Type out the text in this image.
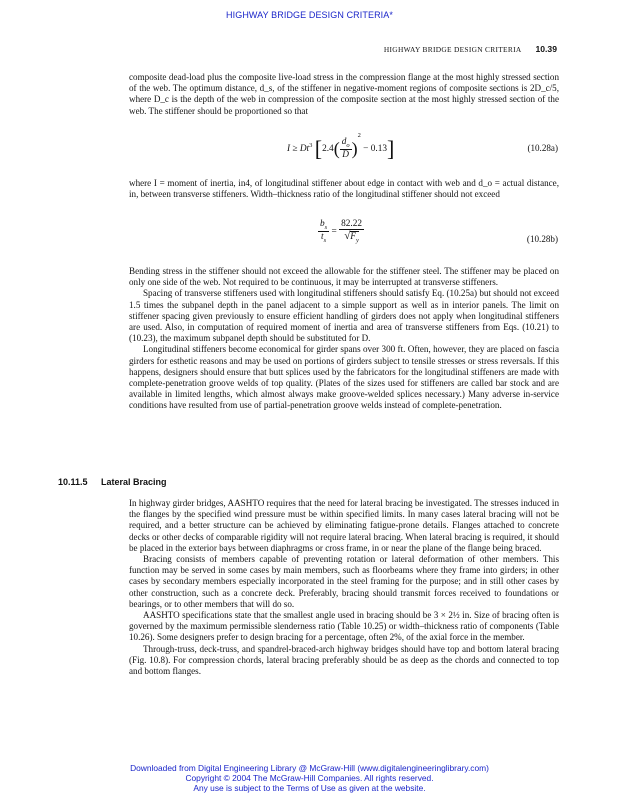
HIGHWAY BRIDGE DESIGN CRITERIA*
HIGHWAY BRIDGE DESIGN CRITERIA 10.39

composite dead-load plus the composite live-load stress in the compression flange at the most highly stressed section of the web. The optimum distance, d_s, of the stiffener in negative-moment regions of composite sections is 2D_c/5, where D_c is the depth of the web in compression of the composite section at the most highly stressed section of the web. The stiffener should be proportioned so that

$I \ge Dt^3$ $[2.4( \frac{d_o}{D} )^2 - 0.13]$	(10.28a)

where I = moment of inertia, in4, of longitudinal stiffener about edge in contact with web and d_o = actual distance, in, between transverse stiffeners. Width–thickness ratio of the longitudinal stiffener should not exceed

$\frac{b_s}{t_s} = \frac{82.22}{√F_y}$	(10.28b)

Bending stress in the stiffener should not exceed the allowable for the stiffener steel. The stiffener may be placed on only one side of the web. Not required to be continuous, it may be interrupted at transverse stiffeners.

Spacing of transverse stiffeners used with longitudinal stiffeners should satisfy Eq. (10.25a) but should not exceed 1.5 times the subpanel depth in the panel adjacent to a simple support as well as in interior panels. The limit on stiffener spacing given previously to ensure efficient handling of girders does not apply when longitudinal stiffeners are used. Also, in computation of required moment of inertia and area of transverse stiffeners from Eqs. (10.21) to (10.23), the maximum subpanel depth should be substituted for D.

Longitudinal stiffeners become economical for girder spans over 300 ft. Often, however, they are placed on fascia girders for esthetic reasons and may be used on portions of girders subject to tensile stresses or stress reversals. If this happens, designers should ensure that butt splices used by the fabricators for the longitudinal stiffeners are made with complete-penetration groove welds of top quality. (Plates of the sizes used for stiffeners are called bar stock and are available in limited lengths, which almost always make groove-welded splices necessary.) Many adverse in-service conditions have resulted from use of partial-penetration groove welds instead of complete-penetration.

10.11.5 Lateral Bracing

In highway girder bridges, AASHTO requires that the need for lateral bracing be investigated. The stresses induced in the flanges by the specified wind pressure must be within specified limits. In many cases lateral bracing will not be required, and a better structure can be achieved by eliminating fatigue-prone details. Flanges attached to concrete decks or other decks of comparable rigidity will not require lateral bracing. When lateral bracing is required, it should be placed in the exterior bays between diaphragms or cross frame, in or near the plane of the flange being braced.

Bracing consists of members capable of preventing rotation or lateral deformation of other members. This function may be served in some cases by main members, such as floorbeams where they frame into girders; in other cases by secondary members especially incorporated in the steel framing for the purpose; and in still other cases by other construction, such as a concrete deck. Preferably, bracing should transmit forces received to foundations or bearings, or to other members that will do so.

AASHTO specifications state that the smallest angle used in bracing should be 3 × 2½ in. Size of bracing often is governed by the maximum permissible slenderness ratio (Table 10.25) or width–thickness ratio of components (Table 10.26). Some designers prefer to design bracing for a percentage, often 2%, of the axial force in the member.

Through-truss, deck-truss, and spandrel-braced-arch highway bridges should have top and bottom lateral bracing (Fig. 10.8). For compression chords, lateral bracing preferably should be as deep as the chords and connected to top and bottom flanges.

Downloaded from Digital Engineering Library @ McGraw-Hill (www.digitalengineeringlibrary.com)
Copyright © 2004 The McGraw-Hill Companies. All rights reserved.
Any use is subject to the Terms of Use as given at the website.
